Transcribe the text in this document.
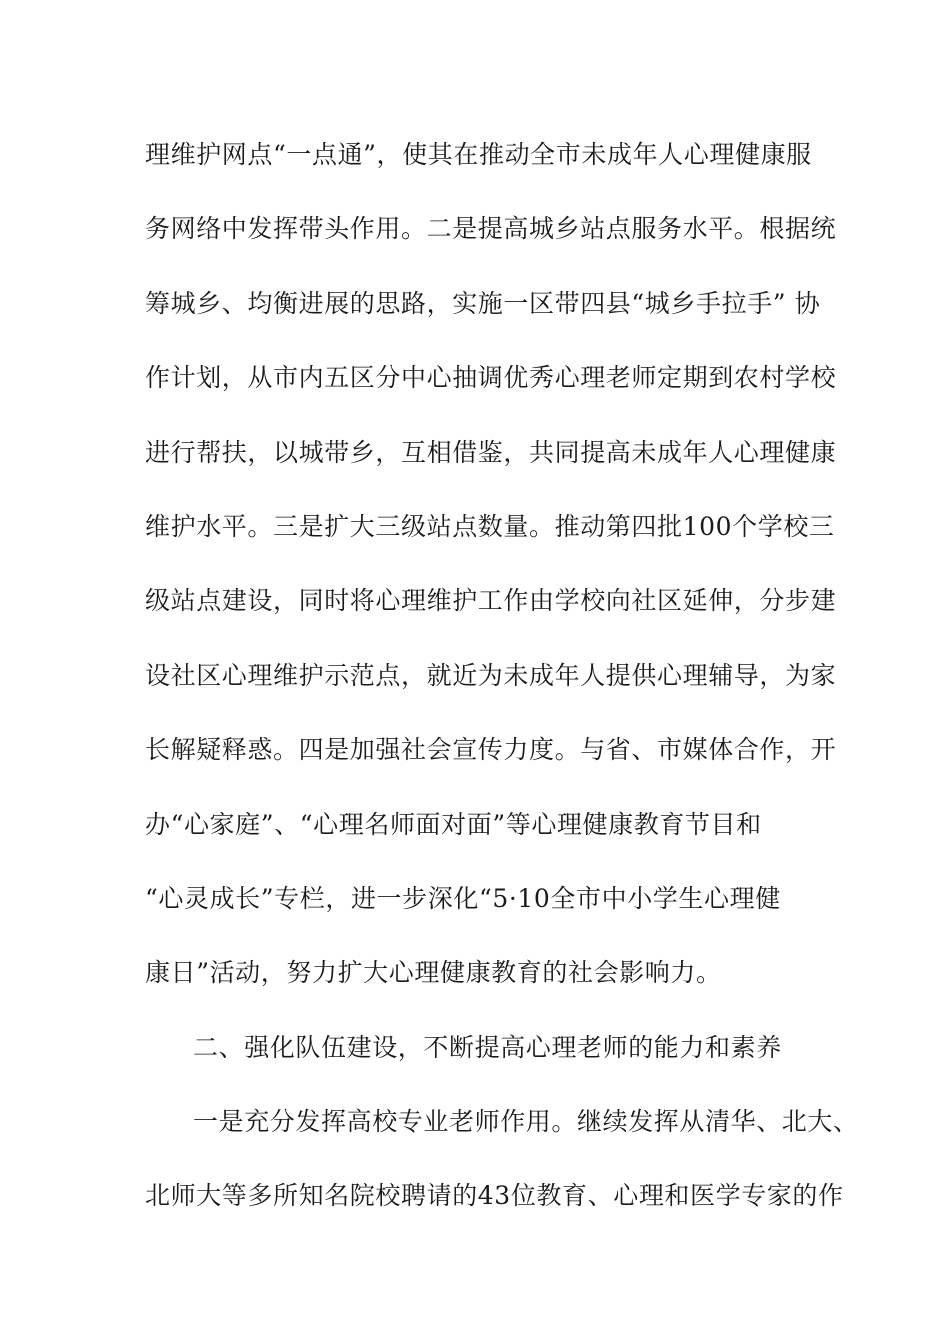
理维护网点“一点通”，使其在推动全市未成年人心理健康服
务网络中发挥带头作用。二是提高城乡站点服务水平。根据统
筹城乡、均衡进展的思路，实施一区带四县“城乡手拉手” 协
作计划，从市内五区分中心抽调优秀心理老师定期到农村学校
进行帮扶，以城带乡，互相借鉴，共同提高未成年人心理健康
维护水平。三是扩大三级站点数量。推动第四批100个学校三
级站点建设，同时将心理维护工作由学校向社区延伸，分步建
设社区心理维护示范点，就近为未成年人提供心理辅导，为家
长解疑释惑。四是加强社会宣传力度。与省、市媒体合作，开
办“心家庭”、“心理名师面对面”等心理健康教育节目和
“心灵成长”专栏，进一步深化“5·10全市中小学生心理健
康日”活动，努力扩大心理健康教育的社会影响力。
二、强化队伍建设，不断提高心理老师的能力和素养
一是充分发挥高校专业老师作用。继续发挥从清华、北大、
北师大等多所知名院校聘请的43位教育、心理和医学专家的作
